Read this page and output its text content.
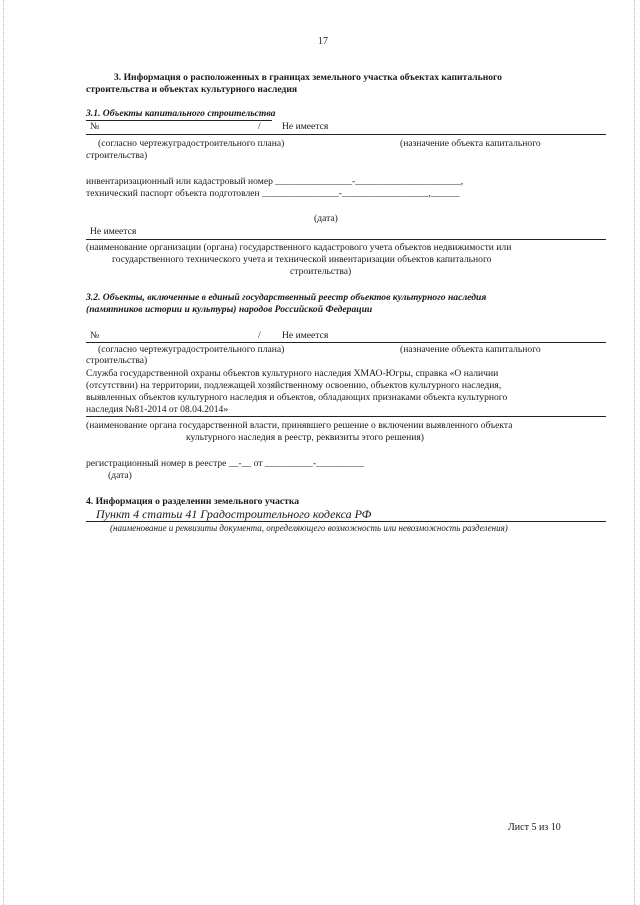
17
3. Информация о расположенных в границах земельного участка объектах капитального
строительства и объектах культурного наследия
3.1. Объекты капитального строительства
№	/ Не имеется
(согласно чертежуградостроительного плана)	(назначение объекта капитального
строительства)
инвентаризационный или кадастровый номер ________________-______________________,
технический паспорт объекта подготовлен ________________-__________________,______
(дата)
Не имеется
(наименование организации (органа) государственного кадастрового учета объектов недвижимости или
государственного технического учета и технической инвентаризации объектов капитального
строительства)
3.2. Объекты, включенные в единый государственный реестр объектов культурного наследия
(памятников истории и культуры) народов Российской Федерации
№	/ Не имеется
(согласно чертежуградостроительного плана)	(назначение объекта капитального
строительства)
Служба государственной охраны объектов культурного наследия ХМАО-Югры, справка «О наличии
(отсутствии) на территории, подлежащей хозяйственному освоению, объектов культурного наследия,
выявленных объектов культурного наследия и объектов, обладающих признаками объекта культурного
наследия №81-2014 от 08.04.2014»
(наименование органа государственной власти, принявшего решение о включении выявленного объекта
культурного наследия в реестр, реквизиты этого решения)
регистрационный номер в реестре __-__ от __________-__________
(дата)
4. Информация о разделении земельного участка
Пункт 4 статьи 41 Градостроительного кодекса РФ
(наименование и реквизиты документа, определяющего возможность или невозможность разделения)
Лист 5 из 10
